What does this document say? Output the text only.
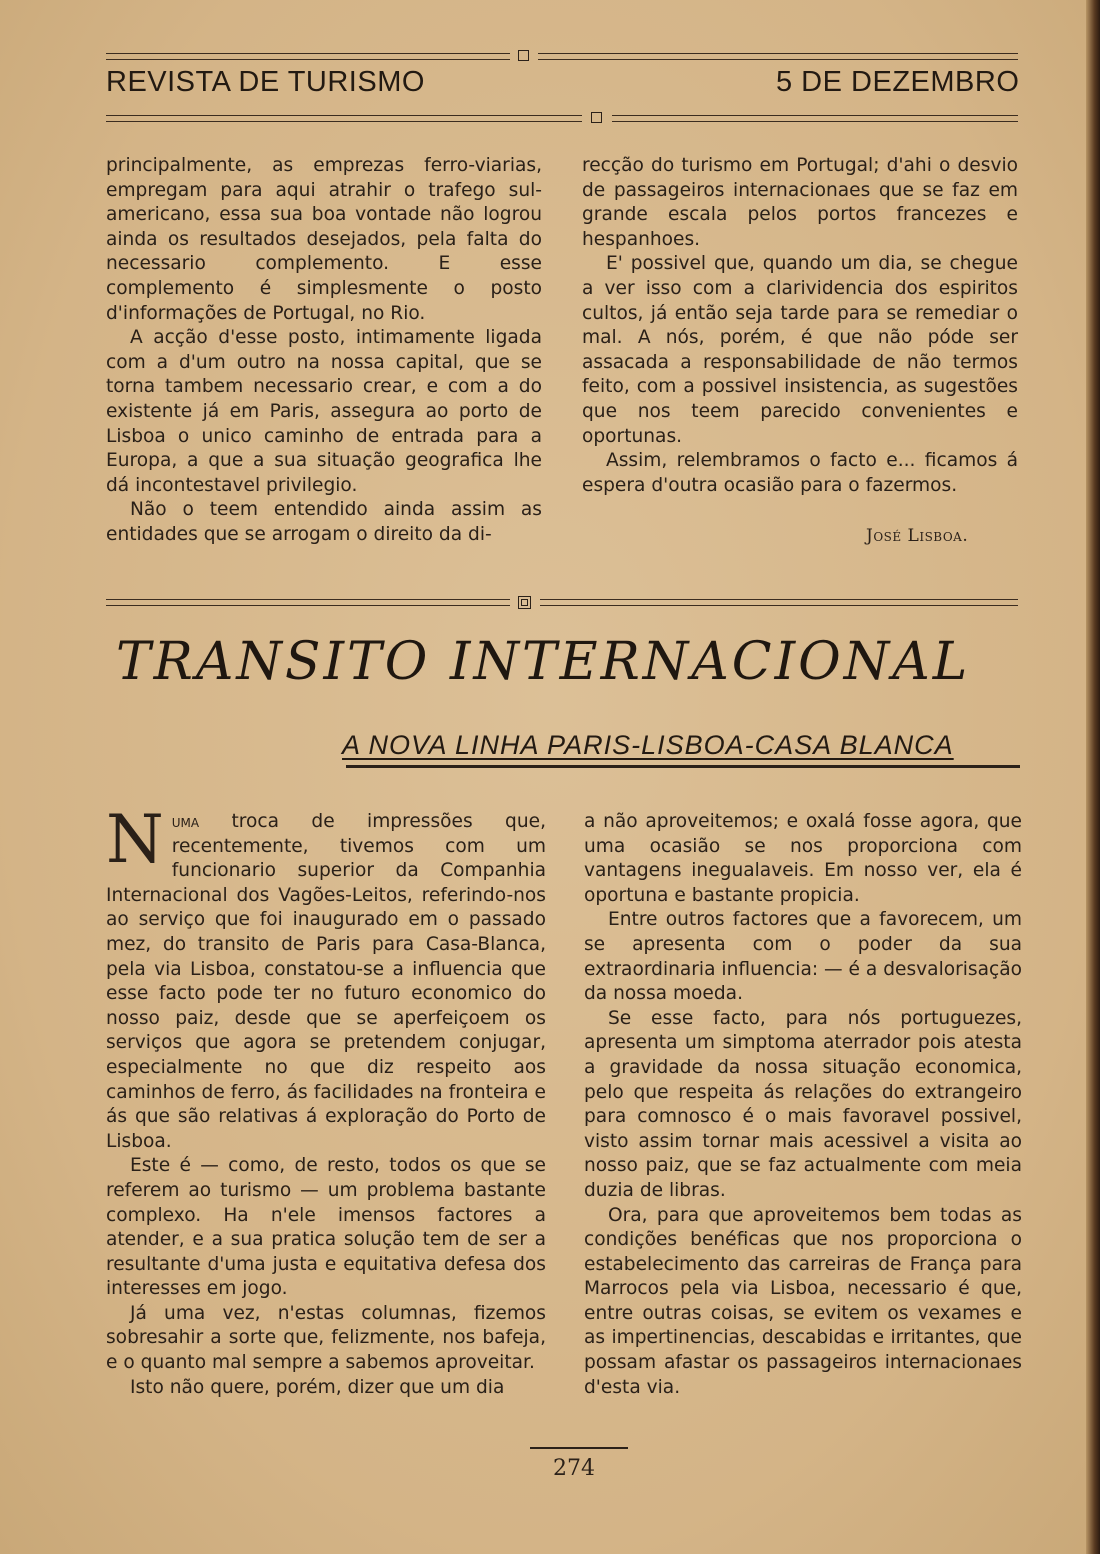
REVISTA DE TURISMO	5 DE DEZEMBRO

principalmente, as emprezas ferro-viarias, empregam para aqui atrahir o trafego sul-americano, essa sua boa vontade não logrou ainda os resultados desejados, pela falta do necessario complemento. E esse complemento é simplesmente o posto d'informações de Portugal, no Rio.

A acção d'esse posto, intimamente ligada com a d'um outro na nossa capital, que se torna tambem necessario crear, e com a do existente já em Paris, assegura ao porto de Lisboa o unico caminho de entrada para a Europa, a que a sua situação geografica lhe dá incontestavel privilegio.

Não o teem entendido ainda assim as entidades que se arrogam o direito da di-

recção do turismo em Portugal; d'ahi o desvio de passageiros internacionaes que se faz em grande escala pelos portos francezes e hespanhoes.

E' possivel que, quando um dia, se chegue a ver isso com a clarividencia dos espiritos cultos, já então seja tarde para se remediar o mal. A nós, porém, é que não póde ser assacada a responsabilidade de não termos feito, com a possivel insistencia, as sugestões que nos teem parecido convenientes e oportunas.

Assim, relembramos o facto e... ficamos á espera d'outra ocasião para o fazermos.

José Lisboa.
TRANSITO INTERNACIONAL
A NOVA LINHA PARIS-LISBOA-CASA BLANCA

Numa troca de impressões que, recentemente, tivemos com um funcionario superior da Companhia Internacional dos Vagões-Leitos, referindo-nos ao serviço que foi inaugurado em o passado mez, do transito de Paris para Casa-Blanca, pela via Lisboa, constatou-se a influencia que esse facto pode ter no futuro economico do nosso paiz, desde que se aperfeiçoem os serviços que agora se pretendem conjugar, especialmente no que diz respeito aos caminhos de ferro, ás facilidades na fronteira e ás que são relativas á exploração do Porto de Lisboa.

Este é — como, de resto, todos os que se referem ao turismo — um problema bastante complexo. Ha n'ele imensos factores a atender, e a sua pratica solução tem de ser a resultante d'uma justa e equitativa defesa dos interesses em jogo.

Já uma vez, n'estas columnas, fizemos sobresahir a sorte que, felizmente, nos bafeja, e o quanto mal sempre a sabemos aproveitar.

Isto não quere, porém, dizer que um dia

a não aproveitemos; e oxalá fosse agora, que uma ocasião se nos proporciona com vantagens inegualaveis. Em nosso ver, ela é oportuna e bastante propicia.

Entre outros factores que a favorecem, um se apresenta com o poder da sua extraordinaria influencia: — é a desvalorisação da nossa moeda.

Se esse facto, para nós portuguezes, apresenta um simptoma aterrador pois atesta a gravidade da nossa situação economica, pelo que respeita ás relações do extrangeiro para comnosco é o mais favoravel possivel, visto assim tornar mais acessivel a visita ao nosso paiz, que se faz actualmente com meia duzia de libras.

Ora, para que aproveitemos bem todas as condições benéficas que nos proporciona o estabelecimento das carreiras de França para Marrocos pela via Lisboa, necessario é que, entre outras coisas, se evitem os vexames e as impertinencias, descabidas e irritantes, que possam afastar os passageiros internacionaes d'esta via.

274
